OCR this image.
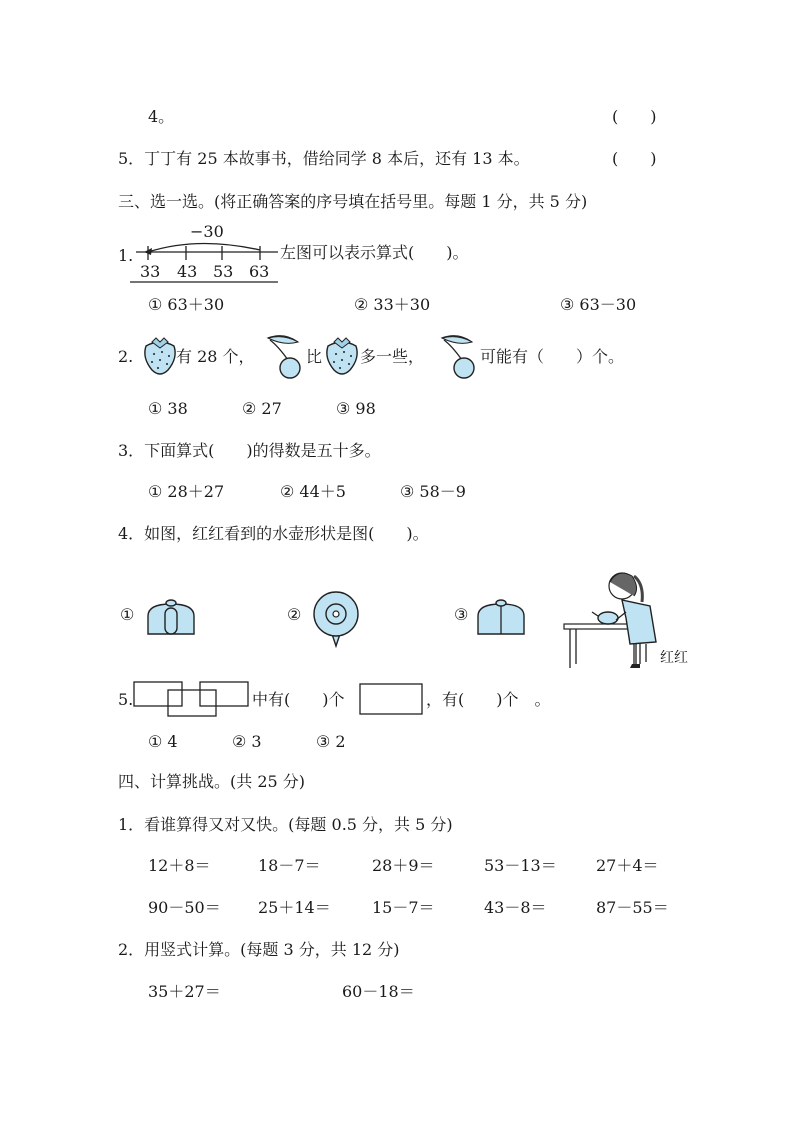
4。	(　　)
5．丁丁有 25 本故事书，借给同学 8 本后，还有 13 本。	(　　)
三、选一选。(将正确答案的序号填在括号里。每题 1 分，共 5 分)
1.
−30
33 43 53 63
左图可以表示算式(　　)。
① 63＋30	② 33＋30	③ 63－30
2.	有 28 个，	比 多一些，	可能有（　　）个。
① 38	② 27	③ 98
3．下面算式(　　)的得数是五十多。
① 28＋27	② 44＋5	③ 58－9
4．如图，红红看到的水壶形状是图(　　)。
①	②	③
红红
5.	中有(　　)个	，有(　　)个　。
① 4	② 3	③ 2
四、计算挑战。(共 25 分)
1．看谁算得又对又快。(每题 0.5 分，共 5 分)
12＋8＝	18－7＝	28＋9＝	53－13＝ 27＋4＝
90－50＝ 25＋14＝	15－7＝	43－8＝	87－55＝
2．用竖式计算。(每题 3 分，共 12 分)
35＋27＝	60－18＝
